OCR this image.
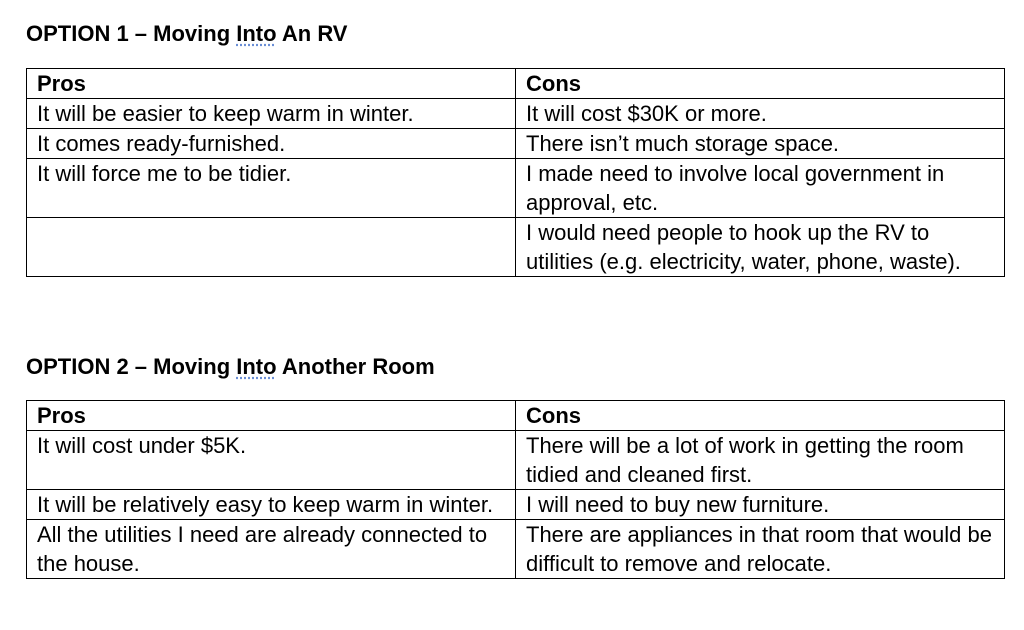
OPTION 1 – Moving Into An RV
Pros	Cons
It will be easier to keep warm in winter.	It will cost $30K or more.
It comes ready-furnished.	There isn’t much storage space.
It will force me to be tidier.	I made need to involve local government in approval, etc.
	I would need people to hook up the RV to utilities (e.g. electricity, water, phone, waste).
OPTION 2 – Moving Into Another Room
Pros	Cons
It will cost under $5K.	There will be a lot of work in getting the room tidied and cleaned first.
It will be relatively easy to keep warm in winter.	I will need to buy new furniture.
All the utilities I need are already connected to the house.	There are appliances in that room that would be difficult to remove and relocate.
